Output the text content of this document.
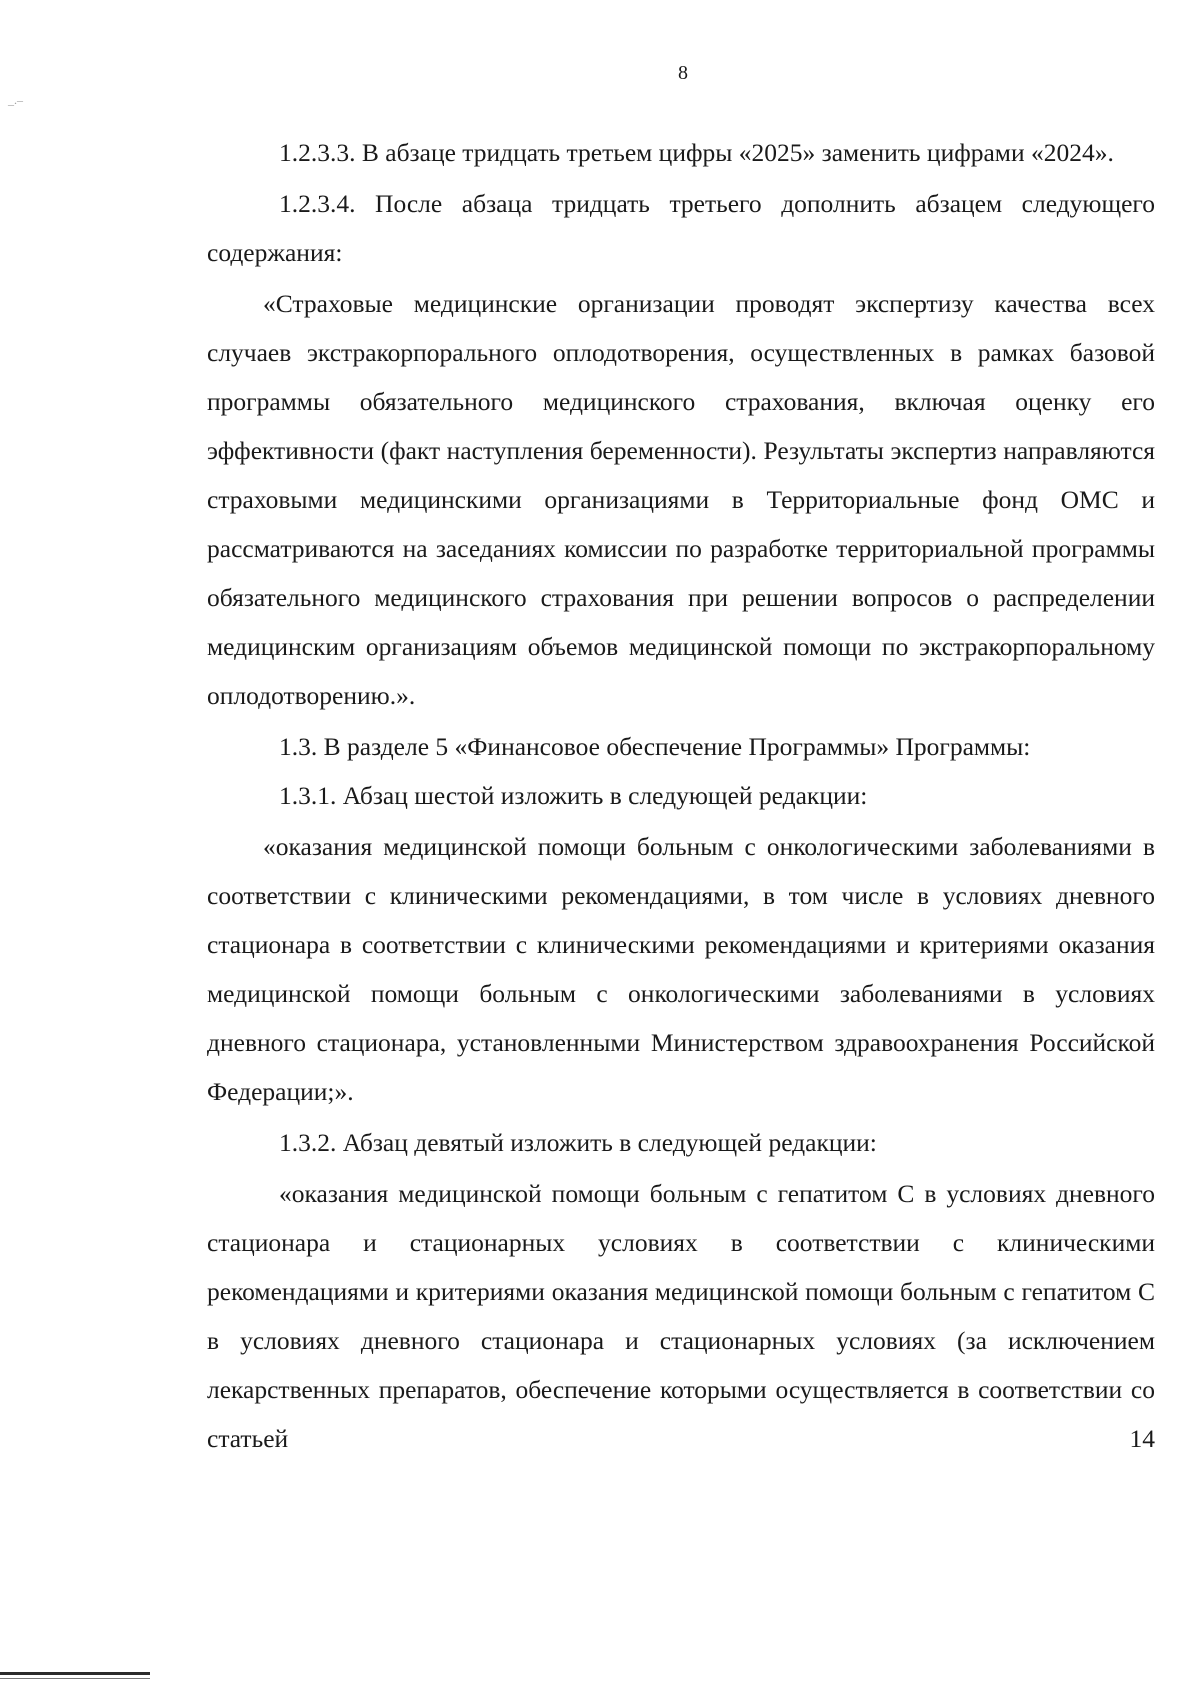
8
_.–

1.2.3.3. В абзаце тридцать третьем цифры «2025» заменить цифрами «2024».

1.2.3.4. После абзаца тридцать третьего дополнить абзацем следующего содержания:

«Страховые медицинские организации проводят экспертизу качества всех случаев экстракорпорального оплодотворения, осуществленных в рамках базовой программы обязательного медицинского страхования, включая оценку его эффективности (факт наступления беременности). Результаты экспертиз направляются страховыми медицинскими организациями в Территориальные фонд ОМС и рассматриваются на заседаниях комиссии по разработке территориальной программы обязательного медицинского страхования при решении вопросов о распределении медицинским организациям объемов медицинской помощи по экстракорпоральному оплодотворению.».

1.3. В разделе 5 «Финансовое обеспечение Программы» Программы:

1.3.1. Абзац шестой изложить в следующей редакции:

«оказания медицинской помощи больным с онкологическими заболеваниями в соответствии с клиническими рекомендациями, в том числе в условиях дневного стационара в соответствии с клиническими рекомендациями и критериями оказания медицинской помощи больным с онкологическими заболеваниями в условиях дневного стационара, установленными Министерством здравоохранения Российской Федерации;».

1.3.2. Абзац девятый изложить в следующей редакции:

«оказания медицинской помощи больным с гепатитом С в условиях дневного стационара и стационарных условиях в соответствии с клиническими рекомендациями и критериями оказания медицинской помощи больным с гепатитом С в условиях дневного стационара и стационарных условиях (за исключением лекарственных препаратов, обеспечение которыми осуществляется в соответствии со статьей 14
